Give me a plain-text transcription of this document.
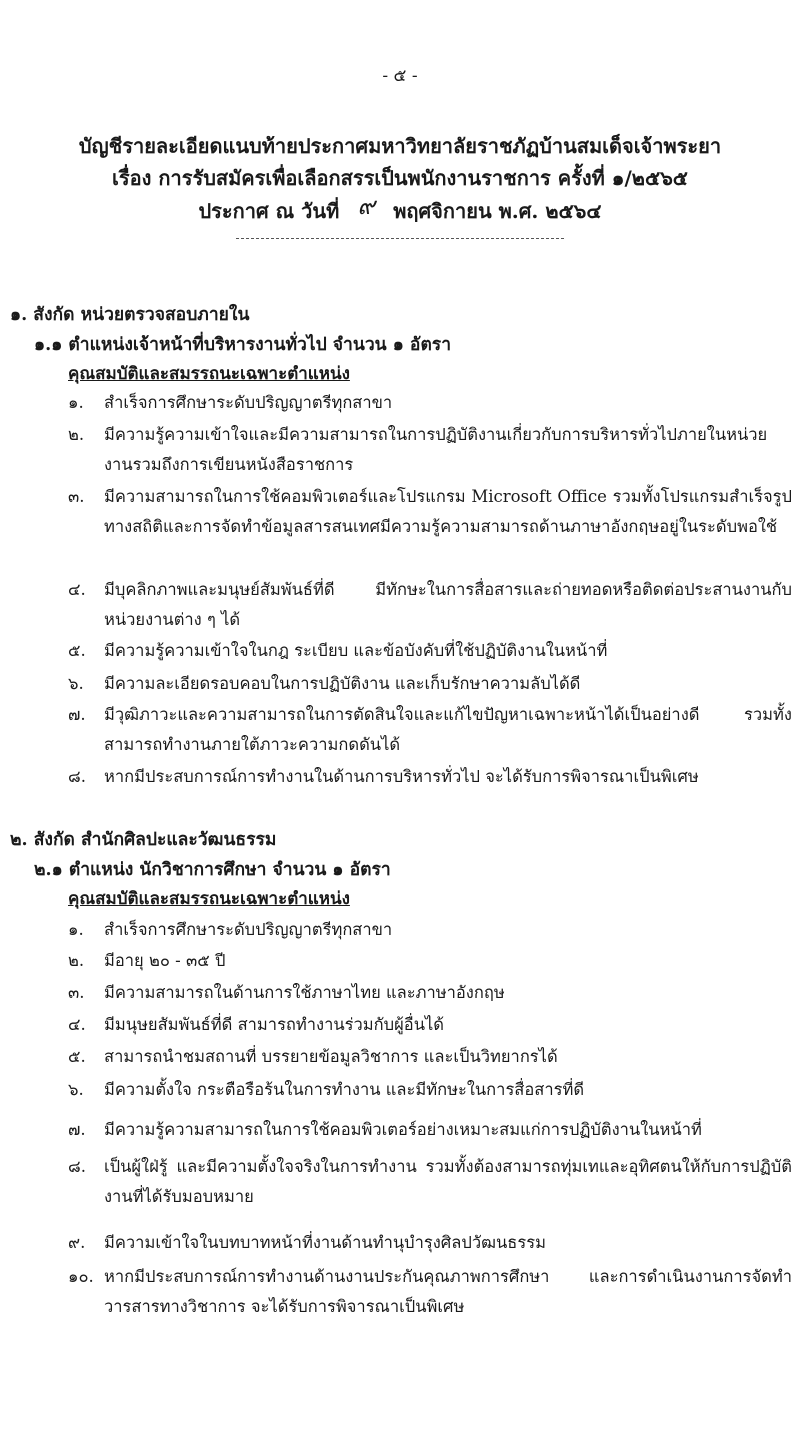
- ๕ -
บัญชีรายละเอียดแนบท้ายประกาศมหาวิทยาลัยราชภัฏบ้านสมเด็จเจ้าพระยา
เรื่อง การรับสมัครเพื่อเลือกสรรเป็นพนักงานราชการ ครั้งที่ ๑/๒๕๖๕
ประกาศ ณ วันที่ ๙ พฤศจิกายน พ.ศ. ๒๕๖๔
๑. สังกัด หน่วยตรวจสอบภายใน
๑.๑ ตำแหน่งเจ้าหน้าที่บริหารงานทั่วไป จำนวน ๑ อัตรา
คุณสมบัติและสมรรถนะเฉพาะตำแหน่ง
๑.	สำเร็จการศึกษาระดับปริญญาตรีทุกสาขา
๒.	มีความรู้ความเข้าใจและมีความสามารถในการปฏิบัติงานเกี่ยวกับการบริหารทั่วไปภายในหน่วยงานรวมถึงการเขียนหนังสือราชการ
๓.	มีความสามารถในการใช้คอมพิวเตอร์และโปรแกรม Microsoft Office รวมทั้งโปรแกรมสำเร็จรูปทางสถิติและการจัดทำข้อมูลสารสนเทศมีความรู้ความสามารถด้านภาษาอังกฤษอยู่ในระดับพอใช้
๔.	มีบุคลิกภาพและมนุษย์สัมพันธ์ที่ดี มีทักษะในการสื่อสารและถ่ายทอดหรือติดต่อประสานงานกับหน่วยงานต่าง ๆ ได้
๕.	มีความรู้ความเข้าใจในกฎ ระเบียบ และข้อบังคับที่ใช้ปฏิบัติงานในหน้าที่
๖.	มีความละเอียดรอบคอบในการปฏิบัติงาน และเก็บรักษาความลับได้ดี
๗.	มีวุฒิภาวะและความสามารถในการตัดสินใจและแก้ไขปัญหาเฉพาะหน้าได้เป็นอย่างดี รวมทั้งสามารถทำงานภายใต้ภาวะความกดดันได้
๘.	หากมีประสบการณ์การทำงานในด้านการบริหารทั่วไป จะได้รับการพิจารณาเป็นพิเศษ
๒. สังกัด สำนักศิลปะและวัฒนธรรม
๒.๑ ตำแหน่ง นักวิชาการศึกษา จำนวน ๑ อัตรา
คุณสมบัติและสมรรถนะเฉพาะตำแหน่ง
๑.	สำเร็จการศึกษาระดับปริญญาตรีทุกสาขา
๒.	มีอายุ ๒๐ - ๓๕ ปี
๓.	มีความสามารถในด้านการใช้ภาษาไทย และภาษาอังกฤษ
๔.	มีมนุษยสัมพันธ์ที่ดี สามารถทำงานร่วมกับผู้อื่นได้
๕.	สามารถนำชมสถานที่ บรรยายข้อมูลวิชาการ และเป็นวิทยากรได้
๖.	มีความตั้งใจ กระตือรือร้นในการทำงาน และมีทักษะในการสื่อสารที่ดี
๗.	มีความรู้ความสามารถในการใช้คอมพิวเตอร์อย่างเหมาะสมแก่การปฏิบัติงานในหน้าที่
๘.	เป็นผู้ใฝ่รู้ และมีความตั้งใจจริงในการทำงาน รวมทั้งต้องสามารถทุ่มเทและอุทิศตนให้กับการปฏิบัติงานที่ได้รับมอบหมาย
๙.	มีความเข้าใจในบทบาทหน้าที่งานด้านทำนุบำรุงศิลปวัฒนธรรม
๑๐. หากมีประสบการณ์การทำงานด้านงานประกันคุณภาพการศึกษา และการดำเนินงานการจัดทำวารสารทางวิชาการ จะได้รับการพิจารณาเป็นพิเศษ
